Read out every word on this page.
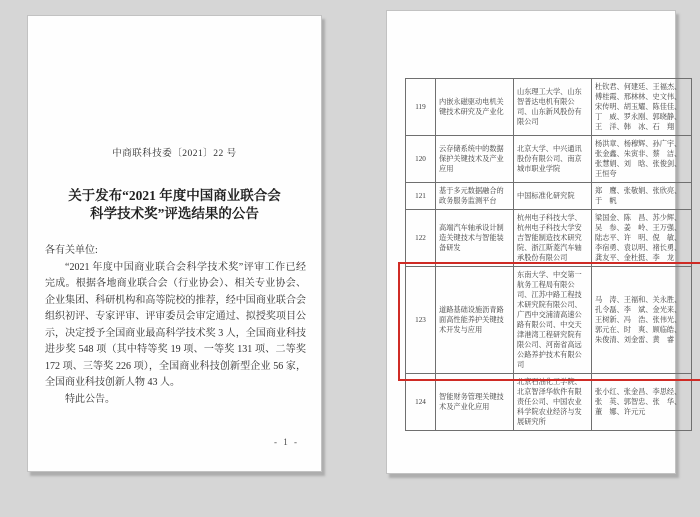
中商联科技委〔2021〕22 号
关于发布“2021 年度中国商业联合会
科学技术奖”评选结果的公告

各有关单位:

“2021 年度中国商业联合会科学技术奖”评审工作已经完成。根据各地商业联合会（行业协会）、相关专业协会、企业集团、科研机构和高等院校的推荐，经中国商业联合会组织初评、专家评审、评审委员会审定通过、拟授奖项目公示，决定授予全国商业最高科学技术奖 3 人，全国商业科技进步奖 548 项（其中特等奖 19 项、一等奖 131 项、二等奖 172 项、三等奖 226 项），全国商业科技创新型企业 56 家，全国商业科技创新人物 43 人。

特此公告。

- 1 -
119	内嵌永磁驱动电机关键技术研究及产业化	山东理工大学、山东智普达电机有限公司、山东新风股份有限公司	杜钦君、何建廷、王福杰、傅桂霞、邢林林、史文伟、宋传明、胡玉耀、陈佳佳、丁　威、罗永刚、郭晓静、王　洋、韩　冰、石　翔
120	云存储系统中的数据保护关键技术及产业应用	北京大学、中兴通讯股份有限公司、南京城市职业学院	杨洪章、杨穆辉、孙广宇、张金鑫、朱寅非、蔡　洁、张慧娟、刘　晗、张俊剑、王恒夸
121	基于多元数据融合的政务服务监测平台	中国标准化研究院	郑　鹰、张敬娟、张欣亮、于　帆
122	高端汽车轴承设计制造关键技术与智能装备研发	杭州电子科技大学、杭州电子科技大学安吉智能制造技术研究院、浙江斯菱汽车轴承股份有限公司	梁国金、陈　昌、苏少辉、吴　参、姜　岭、王万强、陆志平、许　明、倪　敏、李宿勇、袁以明、褚长勇、龚友平、金杜挺、李　龙
123	道路基础设施沥青路面高性能养护关键技术开发与应用	东南大学、中交第一航务工程局有限公司、江苏中路工程技术研究院有限公司、广西中交浦清高速公路有限公司、中交天津港湾工程研究院有限公司、河南省高远公路养护技术有限公司	马　涛、王福和、关永胜、孔令磊、李　斌、金光来、王树新、冯　浩、张伟光、郭元在、时　爽、顾临皓、朱俊清、刘金雷、黄　睿
124	智能财务管理关键技术及产业化应用	北京石油化工学院、北京智泽华软件有限责任公司、中国农业科学院农业经济与发展研究所	张小红、张金昌、李思经、张　英、郭智忠、张　华、董　娜、许元元
